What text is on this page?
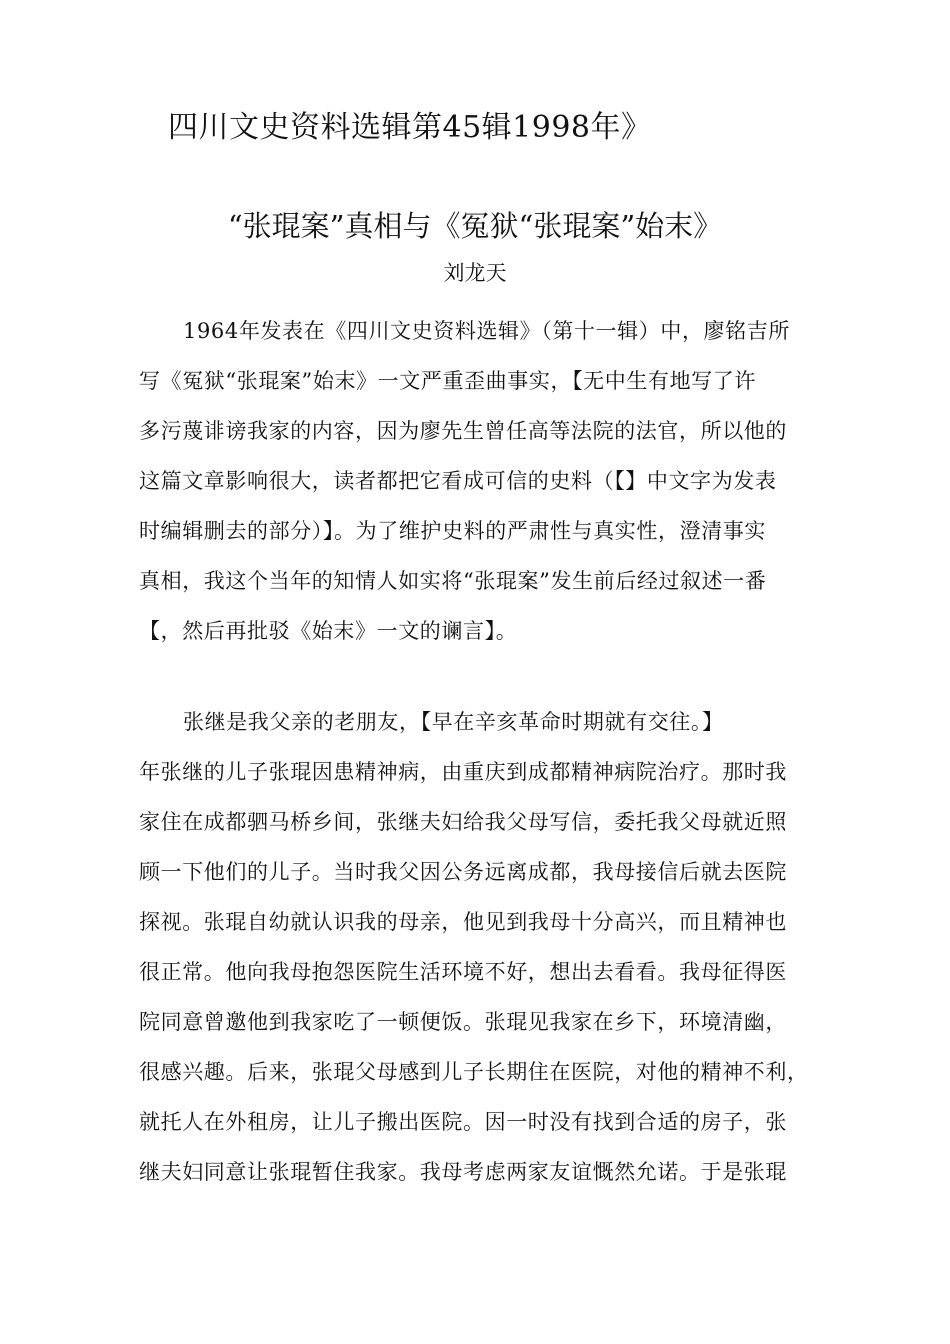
四川文史资料选辑第45辑1998年》
“张琨案”真相与《冤狱“张琨案”始末》
刘龙天
1964年发表在《四川文史资料选辑》（第十一辑）中，廖铭吉所
写《冤狱“张琨案”始末》一文严重歪曲事实，【无中生有地写了许
多污蔑诽谤我家的内容，因为廖先生曾任高等法院的法官，所以他的
这篇文章影响很大，读者都把它看成可信的史料（【】中文字为发表
时编辑删去的部分）】。为了维护史料的严肃性与真实性，澄清事实
真相，我这个当年的知情人如实将“张琨案”发生前后经过叙述一番
【，然后再批驳《始末》一文的谰言】。
张继是我父亲的老朋友，【早在辛亥革命时期就有交往。】
年张继的儿子张琨因患精神病，由重庆到成都精神病院治疗。那时我
家住在成都驷马桥乡间，张继夫妇给我父母写信，委托我父母就近照
顾一下他们的儿子。当时我父因公务远离成都，我母接信后就去医院
探视。张琨自幼就认识我的母亲，他见到我母十分高兴，而且精神也
很正常。他向我母抱怨医院生活环境不好，想出去看看。我母征得医
院同意曾邀他到我家吃了一顿便饭。张琨见我家在乡下，环境清幽，
很感兴趣。后来，张琨父母感到儿子长期住在医院，对他的精神不利，
就托人在外租房，让儿子搬出医院。因一时没有找到合适的房子，张
继夫妇同意让张琨暂住我家。我母考虑两家友谊慨然允诺。于是张琨
